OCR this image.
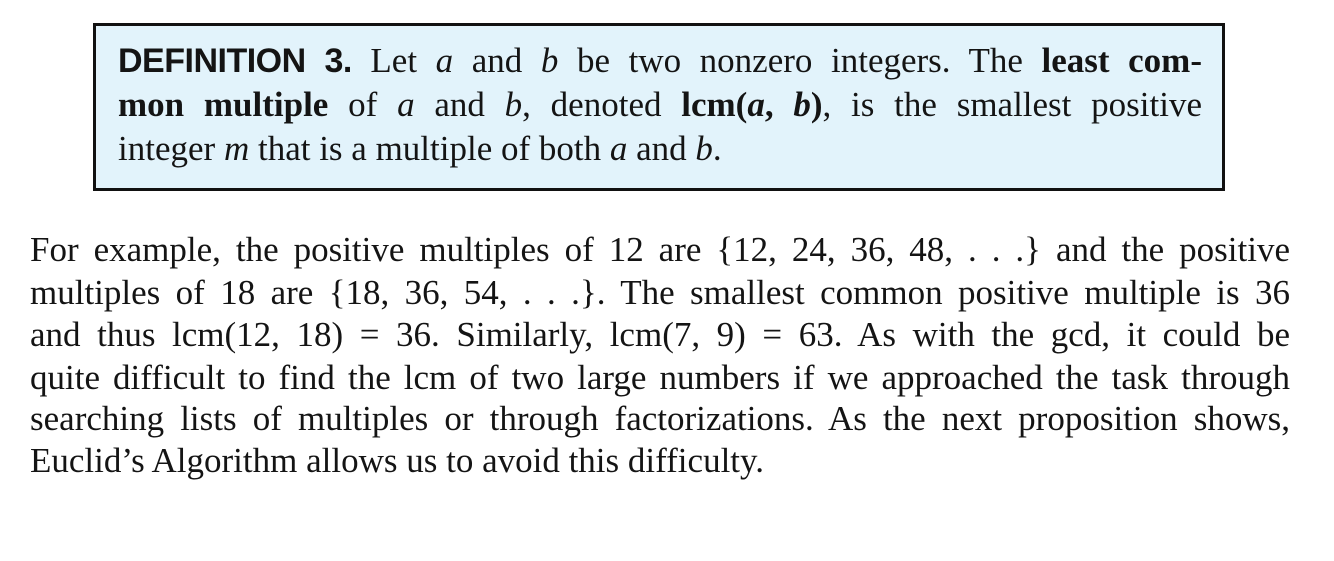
DEFINITION 3. Let a and b be two nonzero integers. The least com-
mon multiple of a and b, denoted lcm(a, b), is the smallest positive
integer m that is a multiple of both a and b.
For example, the positive multiples of 12 are {12, 24, 36, 48, . . .} and the positive
multiples of 18 are {18, 36, 54, . . .}. The smallest common positive multiple is 36
and thus lcm(12, 18) = 36. Similarly, lcm(7, 9) = 63. As with the gcd, it could be
quite difficult to find the lcm of two large numbers if we approached the task through
searching lists of multiples or through factorizations. As the next proposition shows,
Euclid’s Algorithm allows us to avoid this difficulty.
